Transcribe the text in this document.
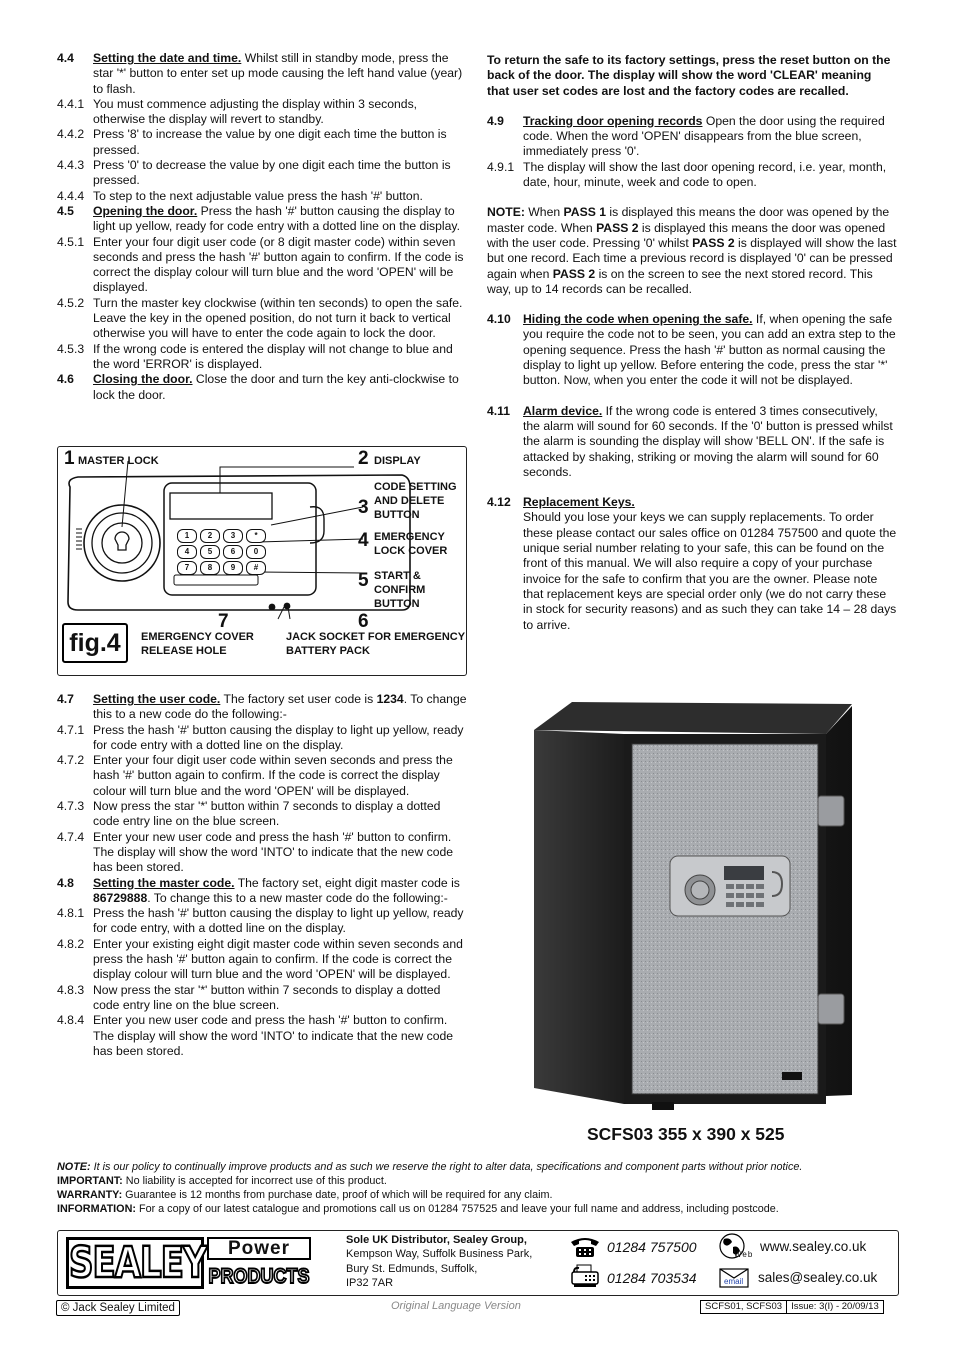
4.4	Setting the date and time. Whilst still in standby mode, press the star '*' button to enter set up mode causing the left hand value (year) to flash.
4.4.1 You must commence adjusting the display within 3 seconds, otherwise the display will revert to standby.
4.4.2 Press '8' to increase the value by one digit each time the button is pressed.
4.4.3 Press '0' to decrease the value by one digit each time the button is pressed.
4.4.4 To step to the next adjustable value press the hash '#' button.
4.5	Opening the door. Press the hash '#' button causing the display to light up yellow, ready for code entry with a dotted line on the display.
4.5.1 Enter your four digit user code (or 8 digit master code) within seven seconds and press the hash '#' button again to confirm. If the code is correct the display colour will turn blue and the word 'OPEN' will be displayed.
4.5.2 Turn the master key clockwise (within ten seconds) to open the safe. Leave the key in the opened position, do not turn it back to vertical otherwise you will have to enter the code again to lock the door.
4.5.3 If the wrong code is entered the display will not change to blue and the word 'ERROR' is displayed.
4.6	Closing the door. Close the door and turn the key anti-clockwise to lock the door.
1	2	3	*
4	5	6	0
7	8	9	#
1 MASTER LOCK	2 DISPLAY
3
CODE SETTING AND DELETE BUTTON
4 EMERGENCY LOCK COVER
5 START & CONFIRM BUTTON
6
JACK SOCKET FOR EMERGENCY BATTERY PACK
7
EMERGENCY COVER RELEASE HOLE
fig.4
4.7	Setting the user code. The factory set user code is 1234. To change this to a new code do the following:-
4.7.1 Press the hash '#' button causing the display to light up yellow, ready for code entry with a dotted line on the display.
4.7.2 Enter your four digit user code within seven seconds and press the hash '#' button again to confirm. If the code is correct the display colour will turn blue and the word 'OPEN' will be displayed.
4.7.3 Now press the star '*' button within 7 seconds to display a dotted code entry line on the blue screen.
4.7.4 Enter your new user code and press the hash '#' button to confirm. The display will show the word 'INTO' to indicate that the new code has been stored.
4.8	Setting the master code. The factory set, eight digit master code is 86729888. To change this to a new master code do the following:-
4.8.1 Press the hash '#' button causing the display to light up yellow, ready for code entry, with a dotted line on the display.
4.8.2 Enter your existing eight digit master code within seven seconds and press the hash '#' button again to confirm. If the code is correct the display colour will turn blue and the word 'OPEN' will be displayed.
4.8.3 Now press the star '*' button within 7 seconds to display a dotted code entry line on the blue screen.
4.8.4 Enter you new user code and press the hash '#' button to confirm. The display will show the word 'INTO' to indicate that the new code has been stored.

To return the safe to its factory settings, press the reset button on the back of the door. The display will show the word 'CLEAR' meaning that user set codes are lost and the factory codes are recalled.

4.9	Tracking door opening records Open the door using the required code. When the word 'OPEN' disappears from the blue screen, immediately press '0'.
4.9.1 The display will show the last door opening record, i.e. year, month, date, hour, minute, week and code to open.

NOTE: When PASS 1 is displayed this means the door was opened by the master code. When PASS 2 is displayed this means the door was opened with the user code. Pressing '0' whilst PASS 2 is displayed will show the last but one record. Each time a previous record is displayed '0' can be pressed again when PASS 2 is on the screen to see the next stored record. This way, up to 14 records can be recalled.

4.10	Hiding the code when opening the safe. If, when opening the safe you require the code not to be seen, you can add an extra step to the opening sequence. Press the hash '#' button as normal causing the display to light up yellow. Before entering the code, press the star '*' button. Now, when you enter the code it will not be displayed.
4.11	Alarm device. If the wrong code is entered 3 times consecutively, the alarm will sound for 60 seconds. If the '0' button is pressed whilst the alarm is sounding the display will show 'BELL ON'. If the safe is attacked by shaking, striking or moving the alarm will sound for 60 seconds.
4.12	Replacement Keys.
Should you lose your keys we can supply replacements. To order these please contact our sales office on 01284 757500 and quote the unique serial number relating to your safe, this can be found on the front of this manual. We will also require a copy of your purchase invoice for the safe to confirm that you are the owner. Please note that replacement keys are special order only (we do not carry these in stock for security reasons) and as such they can take 14 – 28 days to arrive.
SCFS03 355 x 390 x 525

NOTE: It is our policy to continually improve products and as such we reserve the right to alter data, specifications and component parts without prior notice.

IMPORTANT: No liability is accepted for incorrect use of this product.

WARRANTY: Guarantee is 12 months from purchase date, proof of which will be required for any claim.

INFORMATION: For a copy of our latest catalogue and promotions call us on 01284 757525 and leave your full name and address, including postcode.

SEALEY	Power
PRODUCTS
Sole UK Distributor, Sealey Group,
Kempson Way, Suffolk Business Park,
Bury St. Edmunds, Suffolk,
IP32 7AR
01284 757500
01284 703534
Web
www.sealey.co.uk
email sales@sealey.co.uk
© Jack Sealey Limited	Original Language Version	SCFS01, SCFS03 Issue: 3(I) - 20/09/13
